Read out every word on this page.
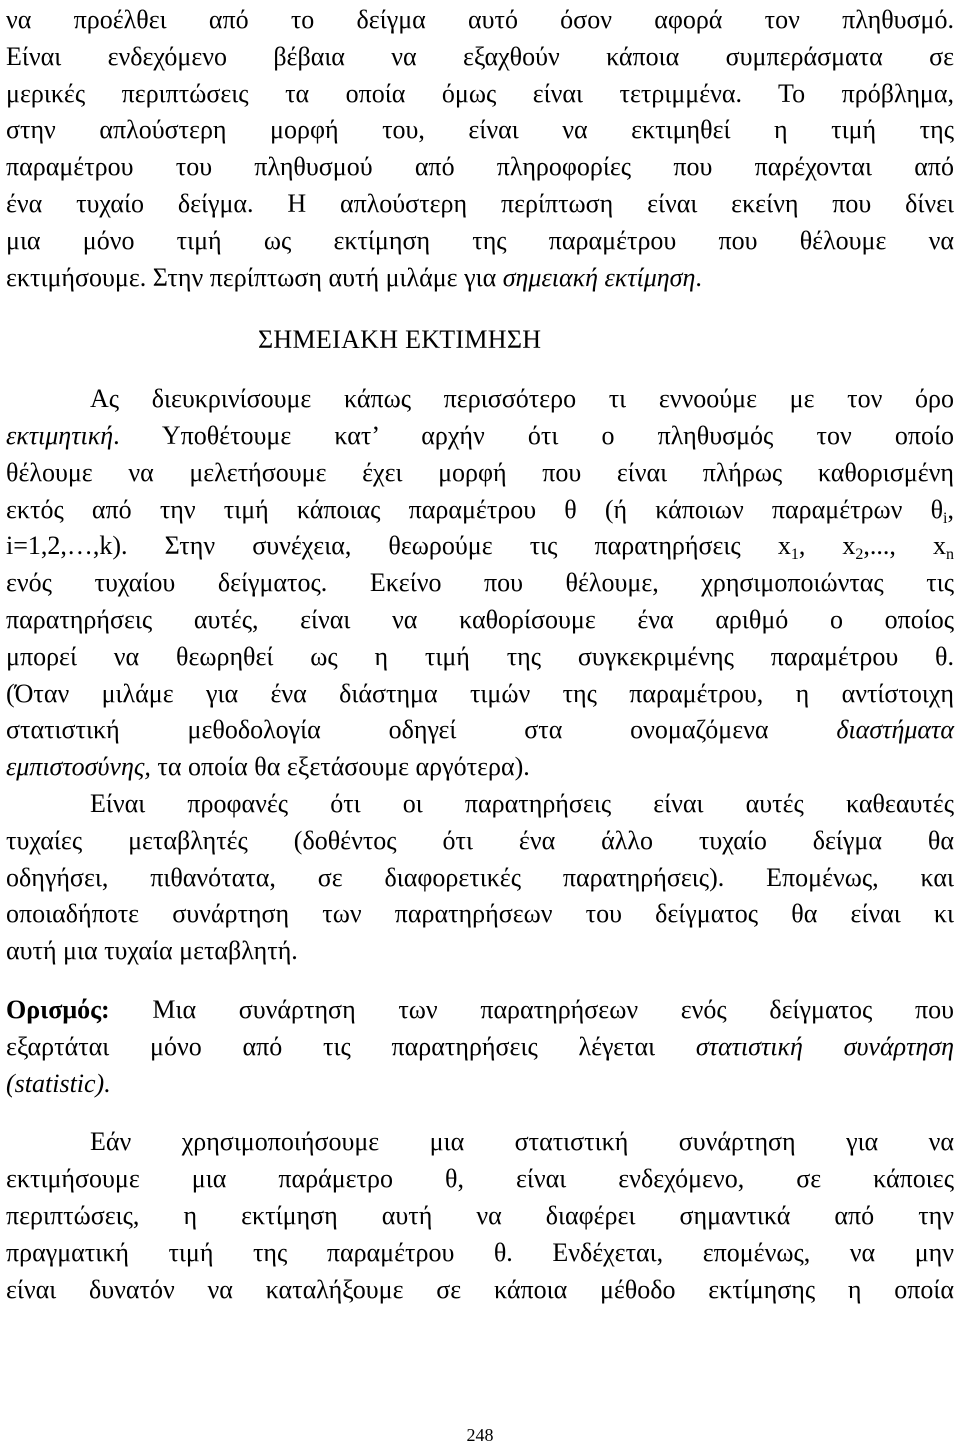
να προέλθει από το δείγμα αυτό όσον αφορά τον πληθυσμό.
Είναι ενδεχόμενο βέβαια να εξαχθούν κάποια συμπεράσματα σε
μερικές περιπτώσεις τα οποία όμως είναι τετριμμένα. Το πρόβλημα,
στην απλούστερη μορφή του, είναι να εκτιμηθεί η τιμή της
παραμέτρου του πληθυσμού από πληροφορίες που παρέχονται από
ένα τυχαίο δείγμα. Η απλούστερη περίπτωση είναι εκείνη που δίνει
μια μόνο τιμή ως εκτίμηση της παραμέτρου που θέλουμε να
εκτιμήσουμε. Στην περίπτωση αυτή μιλάμε για σημειακή εκτίμηση.
ΣΗΜΕΙΑΚΗ ΕΚΤΙΜΗΣΗ
Ας διευκρινίσουμε κάπως περισσότερο τι εννοούμε με τον όρο
εκτιμητική. Υποθέτουμε κατ’ αρχήν ότι ο πληθυσμός τον οποίο
θέλουμε να μελετήσουμε έχει μορφή που είναι πλήρως καθορισμένη
εκτός από την τιμή κάποιας παραμέτρου θ (ή κάποιων παραμέτρων $\theta_i$,
i=1,2,…,k). Στην συνέχεια, θεωρούμε τις παρατηρήσεις $x_1$, $x_2$,..., $x_n$
ενός τυχαίου δείγματος. Εκείνο που θέλουμε, χρησιμοποιώντας τις
παρατηρήσεις αυτές, είναι να καθορίσουμε ένα αριθμό ο οποίος
μπορεί να θεωρηθεί ως η τιμή της συγκεκριμένης παραμέτρου θ.
(Όταν μιλάμε για ένα διάστημα τιμών της παραμέτρου, η αντίστοιχη
στατιστική μεθοδολογία οδηγεί στα ονομαζόμενα διαστήματα
εμπιστοσύνης, τα οποία θα εξετάσουμε αργότερα).
Είναι προφανές ότι οι παρατηρήσεις είναι αυτές καθεαυτές
τυχαίες μεταβλητές (δοθέντος ότι ένα άλλο τυχαίο δείγμα θα
οδηγήσει, πιθανότατα, σε διαφορετικές παρατηρήσεις). Επομένως, και
οποιαδήποτε συνάρτηση των παρατηρήσεων του δείγματος θα είναι κι
αυτή μια τυχαία μεταβλητή.
Ορισμός: Μια συνάρτηση των παρατηρήσεων ενός δείγματος που
εξαρτάται μόνο από τις παρατηρήσεις λέγεται στατιστική συνάρτηση
(statistic).
Εάν χρησιμοποιήσουμε μια στατιστική συνάρτηση για να
εκτιμήσουμε μια παράμετρο θ, είναι ενδεχόμενο, σε κάποιες
περιπτώσεις, η εκτίμηση αυτή να διαφέρει σημαντικά από την
πραγματική τιμή της παραμέτρου θ. Ενδέχεται, επομένως, να μην
είναι δυνατόν να καταλήξουμε σε κάποια μέθοδο εκτίμησης η οποία
248
